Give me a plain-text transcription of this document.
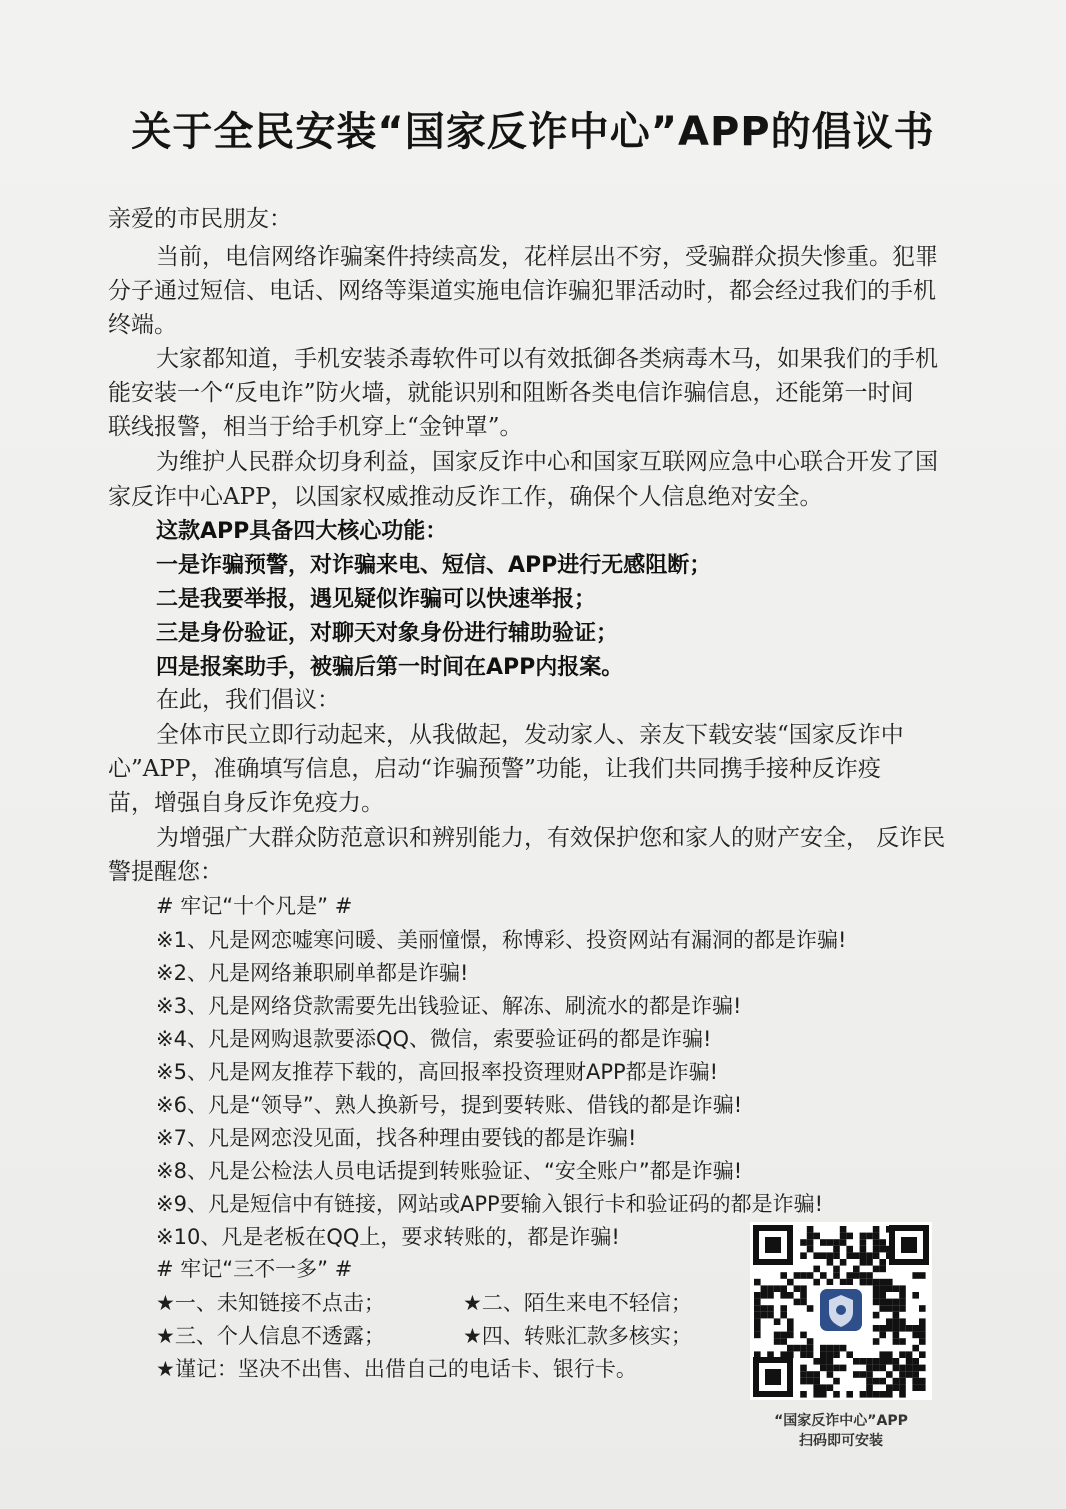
关于全民安装“国家反诈中心”APP的倡议书
亲爱的市民朋友：
当前，电信网络诈骗案件持续高发，花样层出不穷，受骗群众损失惨重。犯罪
分子通过短信、电话、网络等渠道实施电信诈骗犯罪活动时，都会经过我们的手机
终端。
大家都知道，手机安装杀毒软件可以有效抵御各类病毒木马，如果我们的手机
能安装一个“反电诈”防火墙，就能识别和阻断各类电信诈骗信息，还能第一时间
联线报警，相当于给手机穿上“金钟罩”。
为维护人民群众切身利益，国家反诈中心和国家互联网应急中心联合开发了国
家反诈中心APP，以国家权威推动反诈工作，确保个人信息绝对安全。
这款APP具备四大核心功能：
一是诈骗预警，对诈骗来电、短信、APP进行无感阻断；
二是我要举报，遇见疑似诈骗可以快速举报；
三是身份验证，对聊天对象身份进行辅助验证；
四是报案助手，被骗后第一时间在APP内报案。
在此，我们倡议：
全体市民立即行动起来，从我做起，发动家人、亲友下载安装“国家反诈中
心”APP，准确填写信息，启动“诈骗预警”功能，让我们共同携手接种反诈疫
苗，增强自身反诈免疫力。
为增强广大群众防范意识和辨别能力，有效保护您和家人的财产安全， 反诈民
警提醒您：
# 牢记“十个凡是” #
※1、凡是网恋嘘寒问暖、美丽憧憬，称博彩、投资网站有漏洞的都是诈骗!
※2、凡是网络兼职刷单都是诈骗!
※3、凡是网络贷款需要先出钱验证、解冻、刷流水的都是诈骗!
※4、凡是网购退款要添QQ、微信，索要验证码的都是诈骗!
※5、凡是网友推荐下载的，高回报率投资理财APP都是诈骗!
※6、凡是“领导”、熟人换新号，提到要转账、借钱的都是诈骗!
※7、凡是网恋没见面，找各种理由要钱的都是诈骗!
※8、凡是公检法人员电话提到转账验证、“安全账户”都是诈骗!
※9、凡是短信中有链接，网站或APP要输入银行卡和验证码的都是诈骗!
※10、凡是老板在QQ上，要求转账的，都是诈骗!
# 牢记“三不一多” #
★一、未知链接不点击；	★二、陌生来电不轻信；
★三、个人信息不透露；	★四、转账汇款多核实；
★谨记：坚决不出售、出借自己的电话卡、银行卡。
“国家反诈中心”APP
扫码即可安装
